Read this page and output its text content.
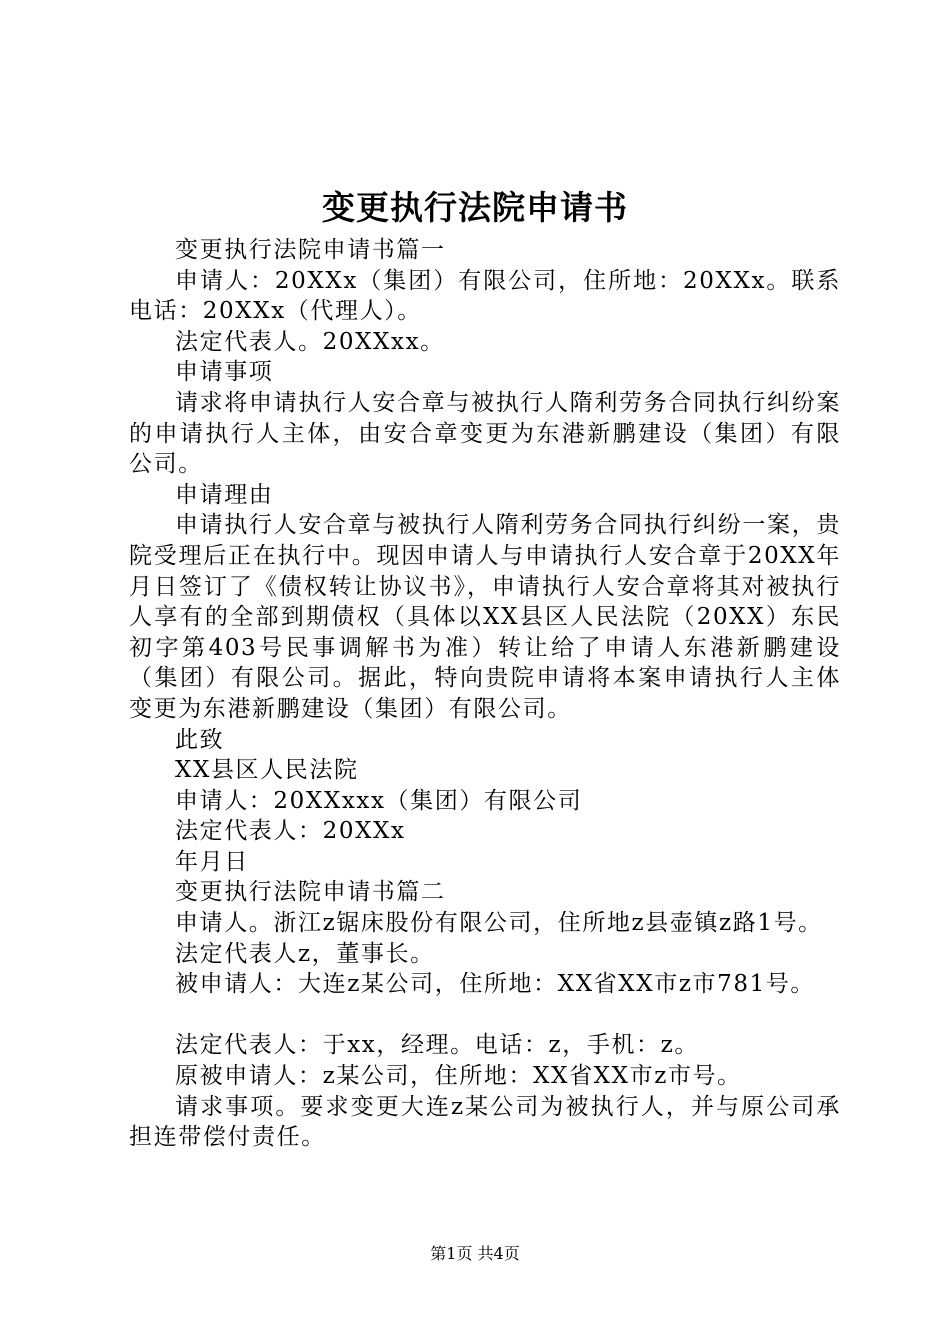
变更执行法院申请书

变更执行法院申请书篇一

申请人：20XXx（集团）有限公司，住所地：20XXx。联系电话：20XXx（代理人）。

法定代表人。20XXxx。

申请事项

请求将申请执行人安合章与被执行人隋利劳务合同执行纠纷案的申请执行人主体，由安合章变更为东港新鹏建设（集团）有限公司。

申请理由

申请执行人安合章与被执行人隋利劳务合同执行纠纷一案，贵院受理后正在执行中。现因申请人与申请执行人安合章于20XX年月日签订了《债权转让协议书》，申请执行人安合章将其对被执行人享有的全部到期债权（具体以XX县区人民法院（20XX）东民初字第403号民事调解书为准）转让给了申请人东港新鹏建设（集团）有限公司。据此，特向贵院申请将本案申请执行人主体变更为东港新鹏建设（集团）有限公司。

此致

XX县区人民法院

申请人：20XXxxx（集团）有限公司

法定代表人：20XXx

年月日

变更执行法院申请书篇二

申请人。浙江z锯床股份有限公司，住所地z县壶镇z路1号。

法定代表人z，董事长。

被申请人：大连z某公司，住所地：XX省XX市z市781号。

法定代表人：于xx，经理。电话：z，手机：z。

原被申请人：z某公司，住所地：XX省XX市z市号。

请求事项。要求变更大连z某公司为被执行人，并与原公司承担连带偿付责任。

第1页 共4页
